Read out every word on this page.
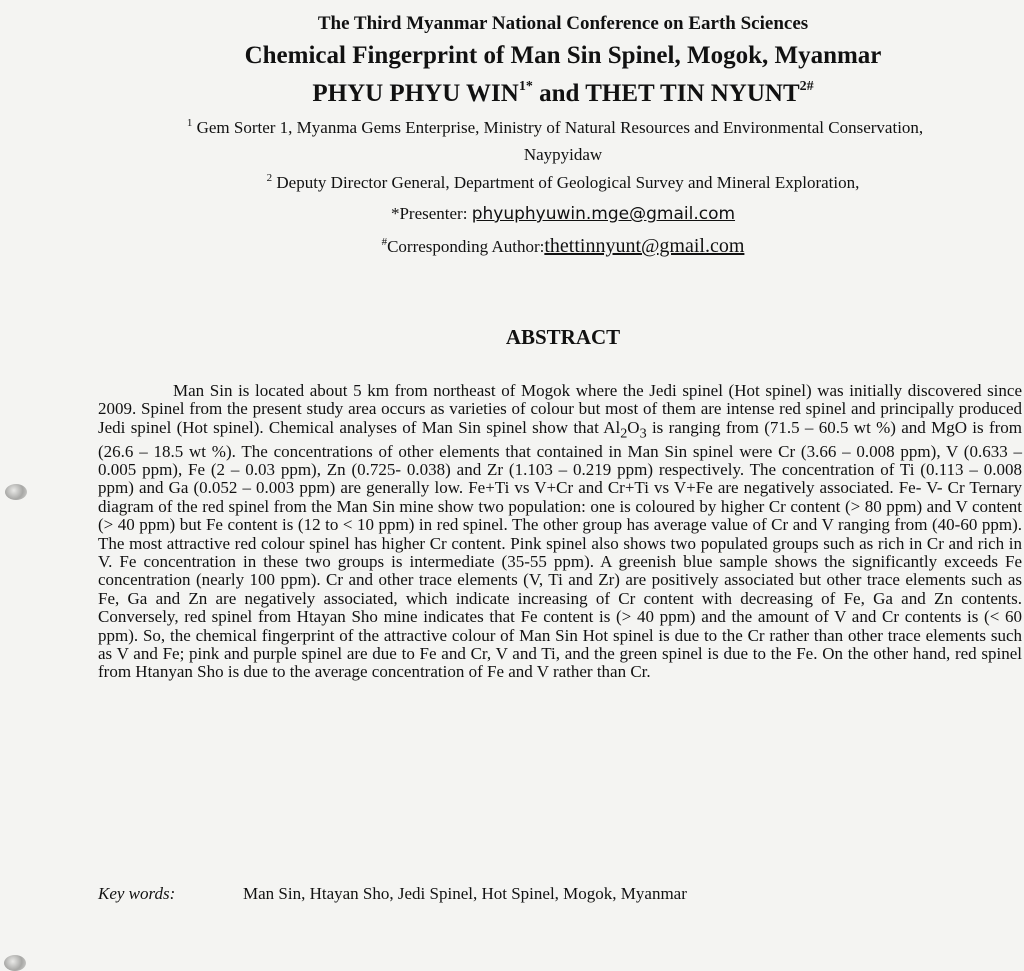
The Third Myanmar National Conference on Earth Sciences
Chemical Fingerprint of Man Sin Spinel, Mogok, Myanmar
PHYU PHYU $WIN^{1*}$ and THET TIN $NYUNT^{2\#}$
$^1$ Gem Sorter 1, Myanma Gems Enterprise, Ministry of Natural Resources and Environmental Conservation,
Naypyidaw
$^2$ Deputy Director General, Department of Geological Survey and Mineral Exploration,
*Presenter: phyuphyuwin.mge@gmail.com
#Corresponding Author:thettinnyunt@gmail.com
ABSTRACT
Man Sin is located about 5 km from northeast of Mogok where the Jedi spinel (Hot spinel) was initially discovered since 2009. Spinel from the present study area occurs as varieties of colour but most of them are intense red spinel and principally produced Jedi spinel (Hot spinel). Chemical analyses of Man Sin spinel show that $Al_2O_3$ is ranging from (71.5 – 60.5 wt %) and MgO is from (26.6 – 18.5 wt %). The concentrations of other elements that contained in Man Sin spinel were Cr (3.66 – 0.008 ppm), V (0.633 – 0.005 ppm), Fe (2 – 0.03 ppm), Zn (0.725- 0.038) and Zr (1.103 – 0.219 ppm) respectively. The concentration of Ti (0.113 – 0.008 ppm) and Ga (0.052 – 0.003 ppm) are generally low. Fe+Ti vs V+Cr and Cr+Ti vs V+Fe are negatively associated. Fe- V- Cr Ternary diagram of the red spinel from the Man Sin mine show two population: one is coloured by higher Cr content (> 80 ppm) and V content (> 40 ppm) but Fe content is (12 to < 10 ppm) in red spinel. The other group has average value of Cr and V ranging from (40-60 ppm). The most attractive red colour spinel has higher Cr content. Pink spinel also shows two populated groups such as rich in Cr and rich in V. Fe concentration in these two groups is intermediate (35-55 ppm). A greenish blue sample shows the significantly exceeds Fe concentration (nearly 100 ppm). Cr and other trace elements (V, Ti and Zr) are positively associated but other trace elements such as Fe, Ga and Zn are negatively associated, which indicate increasing of Cr content with decreasing of Fe, Ga and Zn contents. Conversely, red spinel from Htayan Sho mine indicates that Fe content is (> 40 ppm) and the amount of V and Cr contents is (< 60 ppm). So, the chemical fingerprint of the attractive colour of Man Sin Hot spinel is due to the Cr rather than other trace elements such as V and Fe; pink and purple spinel are due to Fe and Cr, V and Ti, and the green spinel is due to the Fe. On the other hand, red spinel from Htanyan Sho is due to the average concentration of Fe and V rather than Cr.
Key words:	Man Sin, Htayan Sho, Jedi Spinel, Hot Spinel, Mogok, Myanmar
